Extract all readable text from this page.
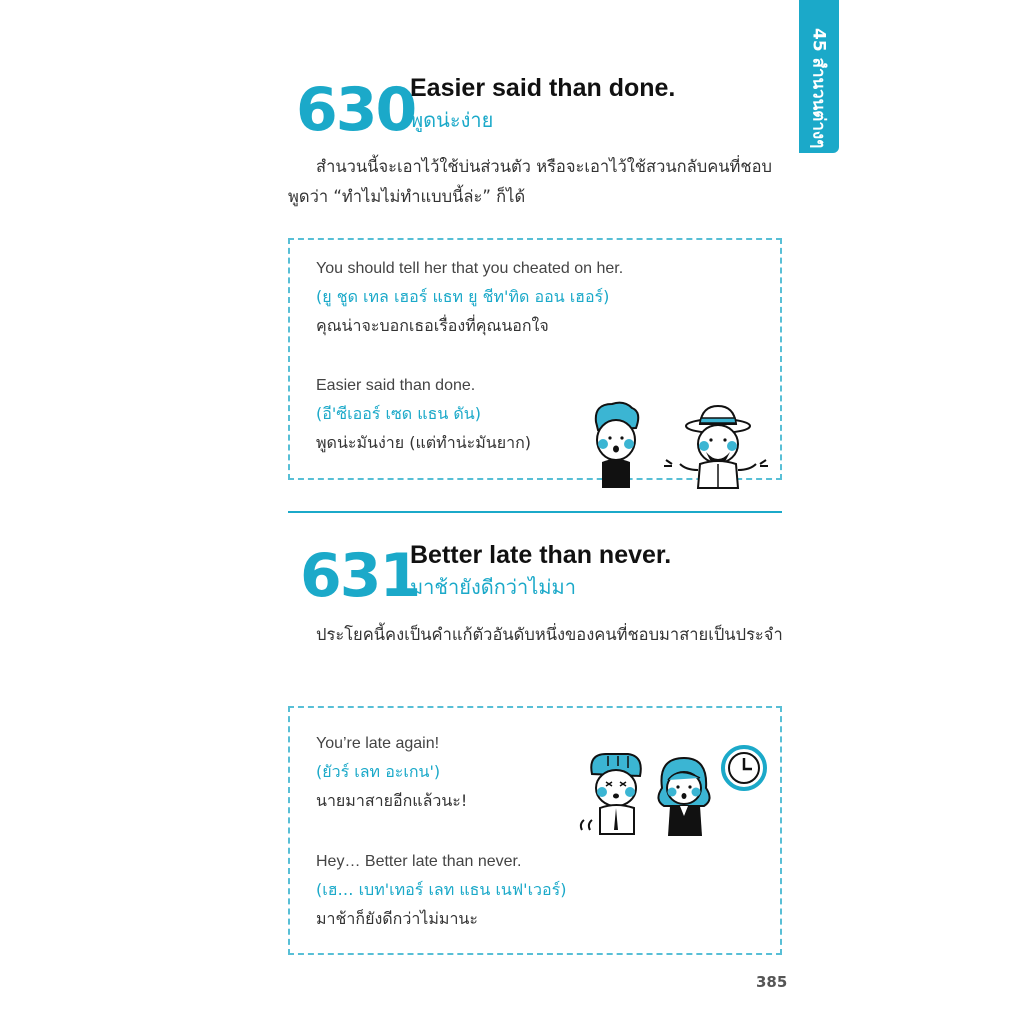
45 สำนวนต่างๆ
630
Easier said than done.
พูดน่ะง่าย
สำนวนนี้จะเอาไว้ใช้บ่นส่วนตัว หรือจะเอาไว้ใช้สวนกลับคนที่ชอบพูดว่า “ทำไมไม่ทำแบบนี้ล่ะ” ก็ได้
You should tell her that you cheated on her.
(ยู ชูด เทล เฮอร์ แธท ยู ชีท'ทิด ออน เฮอร์)
คุณน่าจะบอกเธอเรื่องที่คุณนอกใจ
Easier said than done.
(อี'ซีเออร์ เซด แธน ดัน)
พูดน่ะมันง่าย (แต่ทำน่ะมันยาก)
631
Better late than never.
มาช้ายังดีกว่าไม่มา
ประโยคนี้คงเป็นคำแก้ตัวอันดับหนึ่งของคนที่ชอบมาสายเป็นประจำ
You’re late again!
(ยัวร์ เลท อะเกน')
นายมาสายอีกแล้วนะ!
Hey… Better late than never.
(เฮ… เบท'เทอร์ เลท แธน เนฟ'เวอร์)
มาช้าก็ยังดีกว่าไม่มานะ
385
